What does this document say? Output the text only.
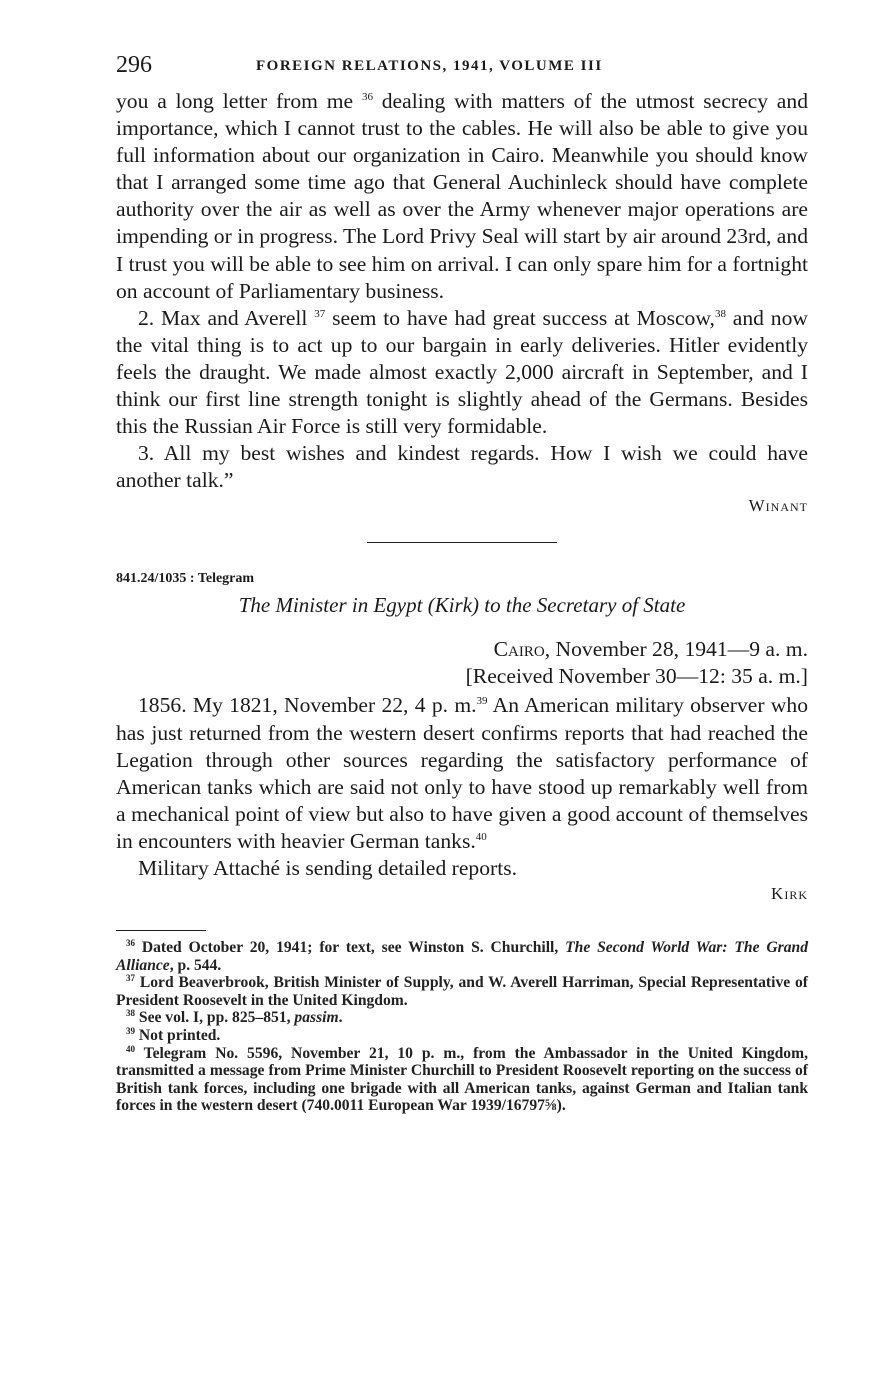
296	FOREIGN RELATIONS, 1941, VOLUME III

you a long letter from me $^{36}$ dealing with matters of the utmost secrecy and importance, which I cannot trust to the cables. He will also be able to give you full information about our organization in Cairo. Meanwhile you should know that I arranged some time ago that General Auchinleck should have complete authority over the air as well as over the Army whenever major operations are impending or in progress. The Lord Privy Seal will start by air around 23rd, and I trust you will be able to see him on arrival. I can only spare him for a fortnight on account of Parliamentary business.

2. Max and Averell $^{37}$ seem to have had great success at Moscow,$^{38}$ and now the vital thing is to act up to our bargain in early deliveries. Hitler evidently feels the draught. We made almost exactly 2,000 aircraft in September, and I think our first line strength tonight is slightly ahead of the Germans. Besides this the Russian Air Force is still very formidable.

3. All my best wishes and kindest regards. How I wish we could have another talk.”

Winant
841.24/1035 : Telegram
The Minister in Egypt (Kirk) to the Secretary of State
Cairo, November 28, 1941—9 a. m.
[Received November 30—12: 35 a. m.]

1856. My 1821, November 22, 4 p. m.$^{39}$ An American military observer who has just returned from the western desert confirms reports that had reached the Legation through other sources regarding the satisfactory performance of American tanks which are said not only to have stood up remarkably well from a mechanical point of view but also to have given a good account of themselves in encounters with heavier German tanks.$^{40}$

Military Attaché is sending detailed reports.

Kirk

$^{36}$ Dated October 20, 1941; for text, see Winston S. Churchill, The Second World War: The Grand Alliance, p. 544.

$^{37}$ Lord Beaverbrook, British Minister of Supply, and W. Averell Harriman, Special Representative of President Roosevelt in the United Kingdom.

$^{38}$ See vol. I, pp. 825–851, passim.

$^{39}$ Not printed.

$^{40}$ Telegram No. 5596, November 21, 10 p. m., from the Ambassador in the United Kingdom, transmitted a message from Prime Minister Churchill to President Roosevelt reporting on the success of British tank forces, including one brigade with all American tanks, against German and Italian tank forces in the western desert (740.0011 European War 1939/16797⅝).
